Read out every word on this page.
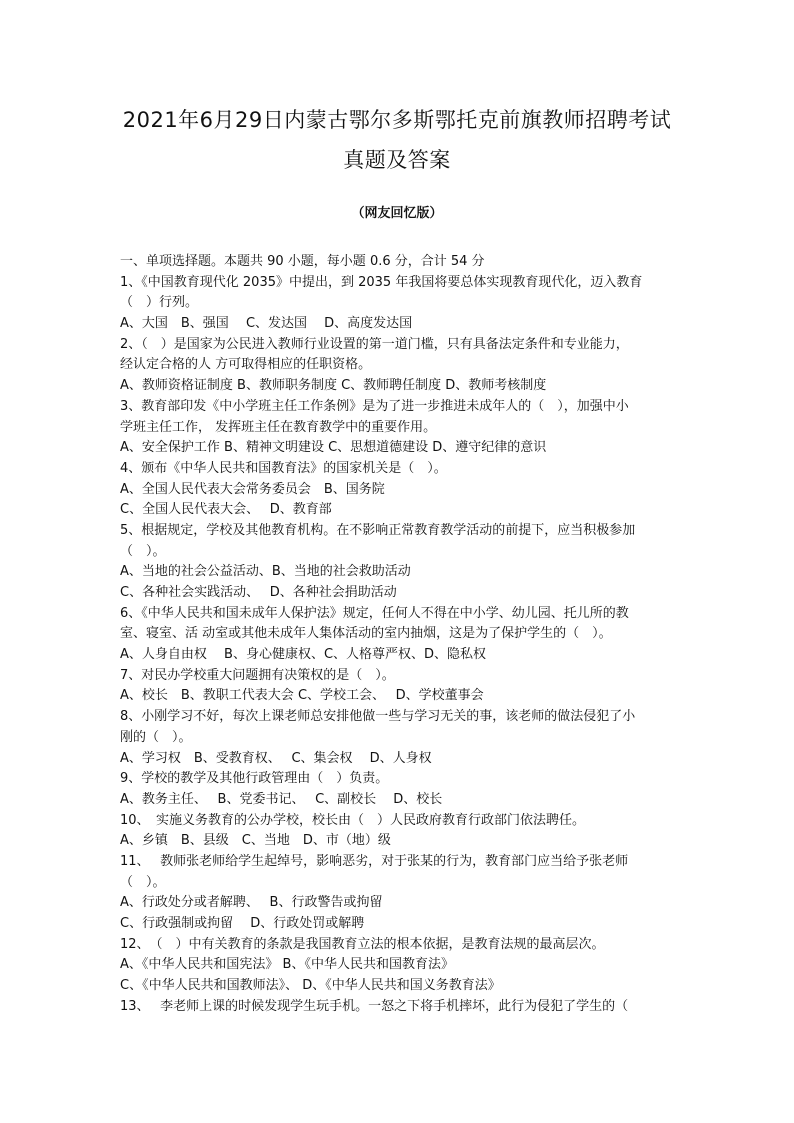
2021年6月29日内蒙古鄂尔多斯鄂托克前旗教师招聘考试
真题及答案
（网友回忆版）
一、单项选择题。本题共 90 小题，每小题 0.6 分，合计 54 分
1、《中国教育现代化 2035》中提出，到 2035 年我国将要总体实现教育现代化，迈入教育
（　）行列。
A、大国　B、强国　 C、发达国　 D、高度发达国
2、（　）是国家为公民进入教师行业设置的第一道门槛，只有具备法定条件和专业能力，
经认定合格的人 方可取得相应的任职资格。
A、教师资格证制度 B、教师职务制度 C、教师聘任制度 D、教师考核制度
3、教育部印发《中小学班主任工作条例》是为了进一步推进未成年人的（　），加强中小
学班主任工作， 发挥班主任在教育教学中的重要作用。
A、安全保护工作 B、精神文明建设 C、思想道德建设 D、遵守纪律的意识
4、颁布《中华人民共和国教育法》的国家机关是（　）。
A、全国人民代表大会常务委员会　B、国务院
C、全国人民代表大会、　 D、教育部
5、根据规定，学校及其他教育机构。在不影响正常教育教学活动的前提下，应当积极参加
（　）。
A、当地的社会公益活动、B、当地的社会救助活动
C、各种社会实践活动、　 D、各种社会捐助活动
6、《中华人民共和国未成年人保护法》规定，任何人不得在中小学、幼儿园、托儿所的教
室、寝室、活 动室或其他未成年人集体活动的室内抽烟，这是为了保护学生的（　）。
A、人身自由权　 B、身心健康权、C、人格尊严权、D、隐私权
7、对民办学校重大问题拥有决策权的是（　）。
A、校长　B、教职工代表大会 C、学校工会、　 D、学校董事会
8、小刚学习不好，每次上课老师总安排他做一些与学习无关的事，该老师的做法侵犯了小
刚的（　）。
A、学习权　B、受教育权、　 C、集会权　 D、人身权
9、学校的教学及其他行政管理由（　）负责。
A、教务主任、　 B、党委书记、　 C、副校长　 D、校长
10、　实施义务教育的公办学校，校长由（　）人民政府教育行政部门依法聘任。
A、乡镇　B、县级　C、当地　D、市（地）级
11、　 教师张老师给学生起绰号，影响恶劣，对于张某的行为，教育部门应当给予张老师
（　）。
A、行政处分或者解聘、　 B、行政警告或拘留
C、行政强制或拘留　 D、行政处罚或解聘
12、　（　）中有关教育的条款是我国教育立法的根本依据，是教育法规的最高层次。
A、《中华人民共和国宪法》 B、《中华人民共和国教育法》
C、《中华人民共和国教师法》、 D、《中华人民共和国义务教育法》
13、　 李老师上课的时候发现学生玩手机。一怒之下将手机摔坏，此行为侵犯了学生的（
